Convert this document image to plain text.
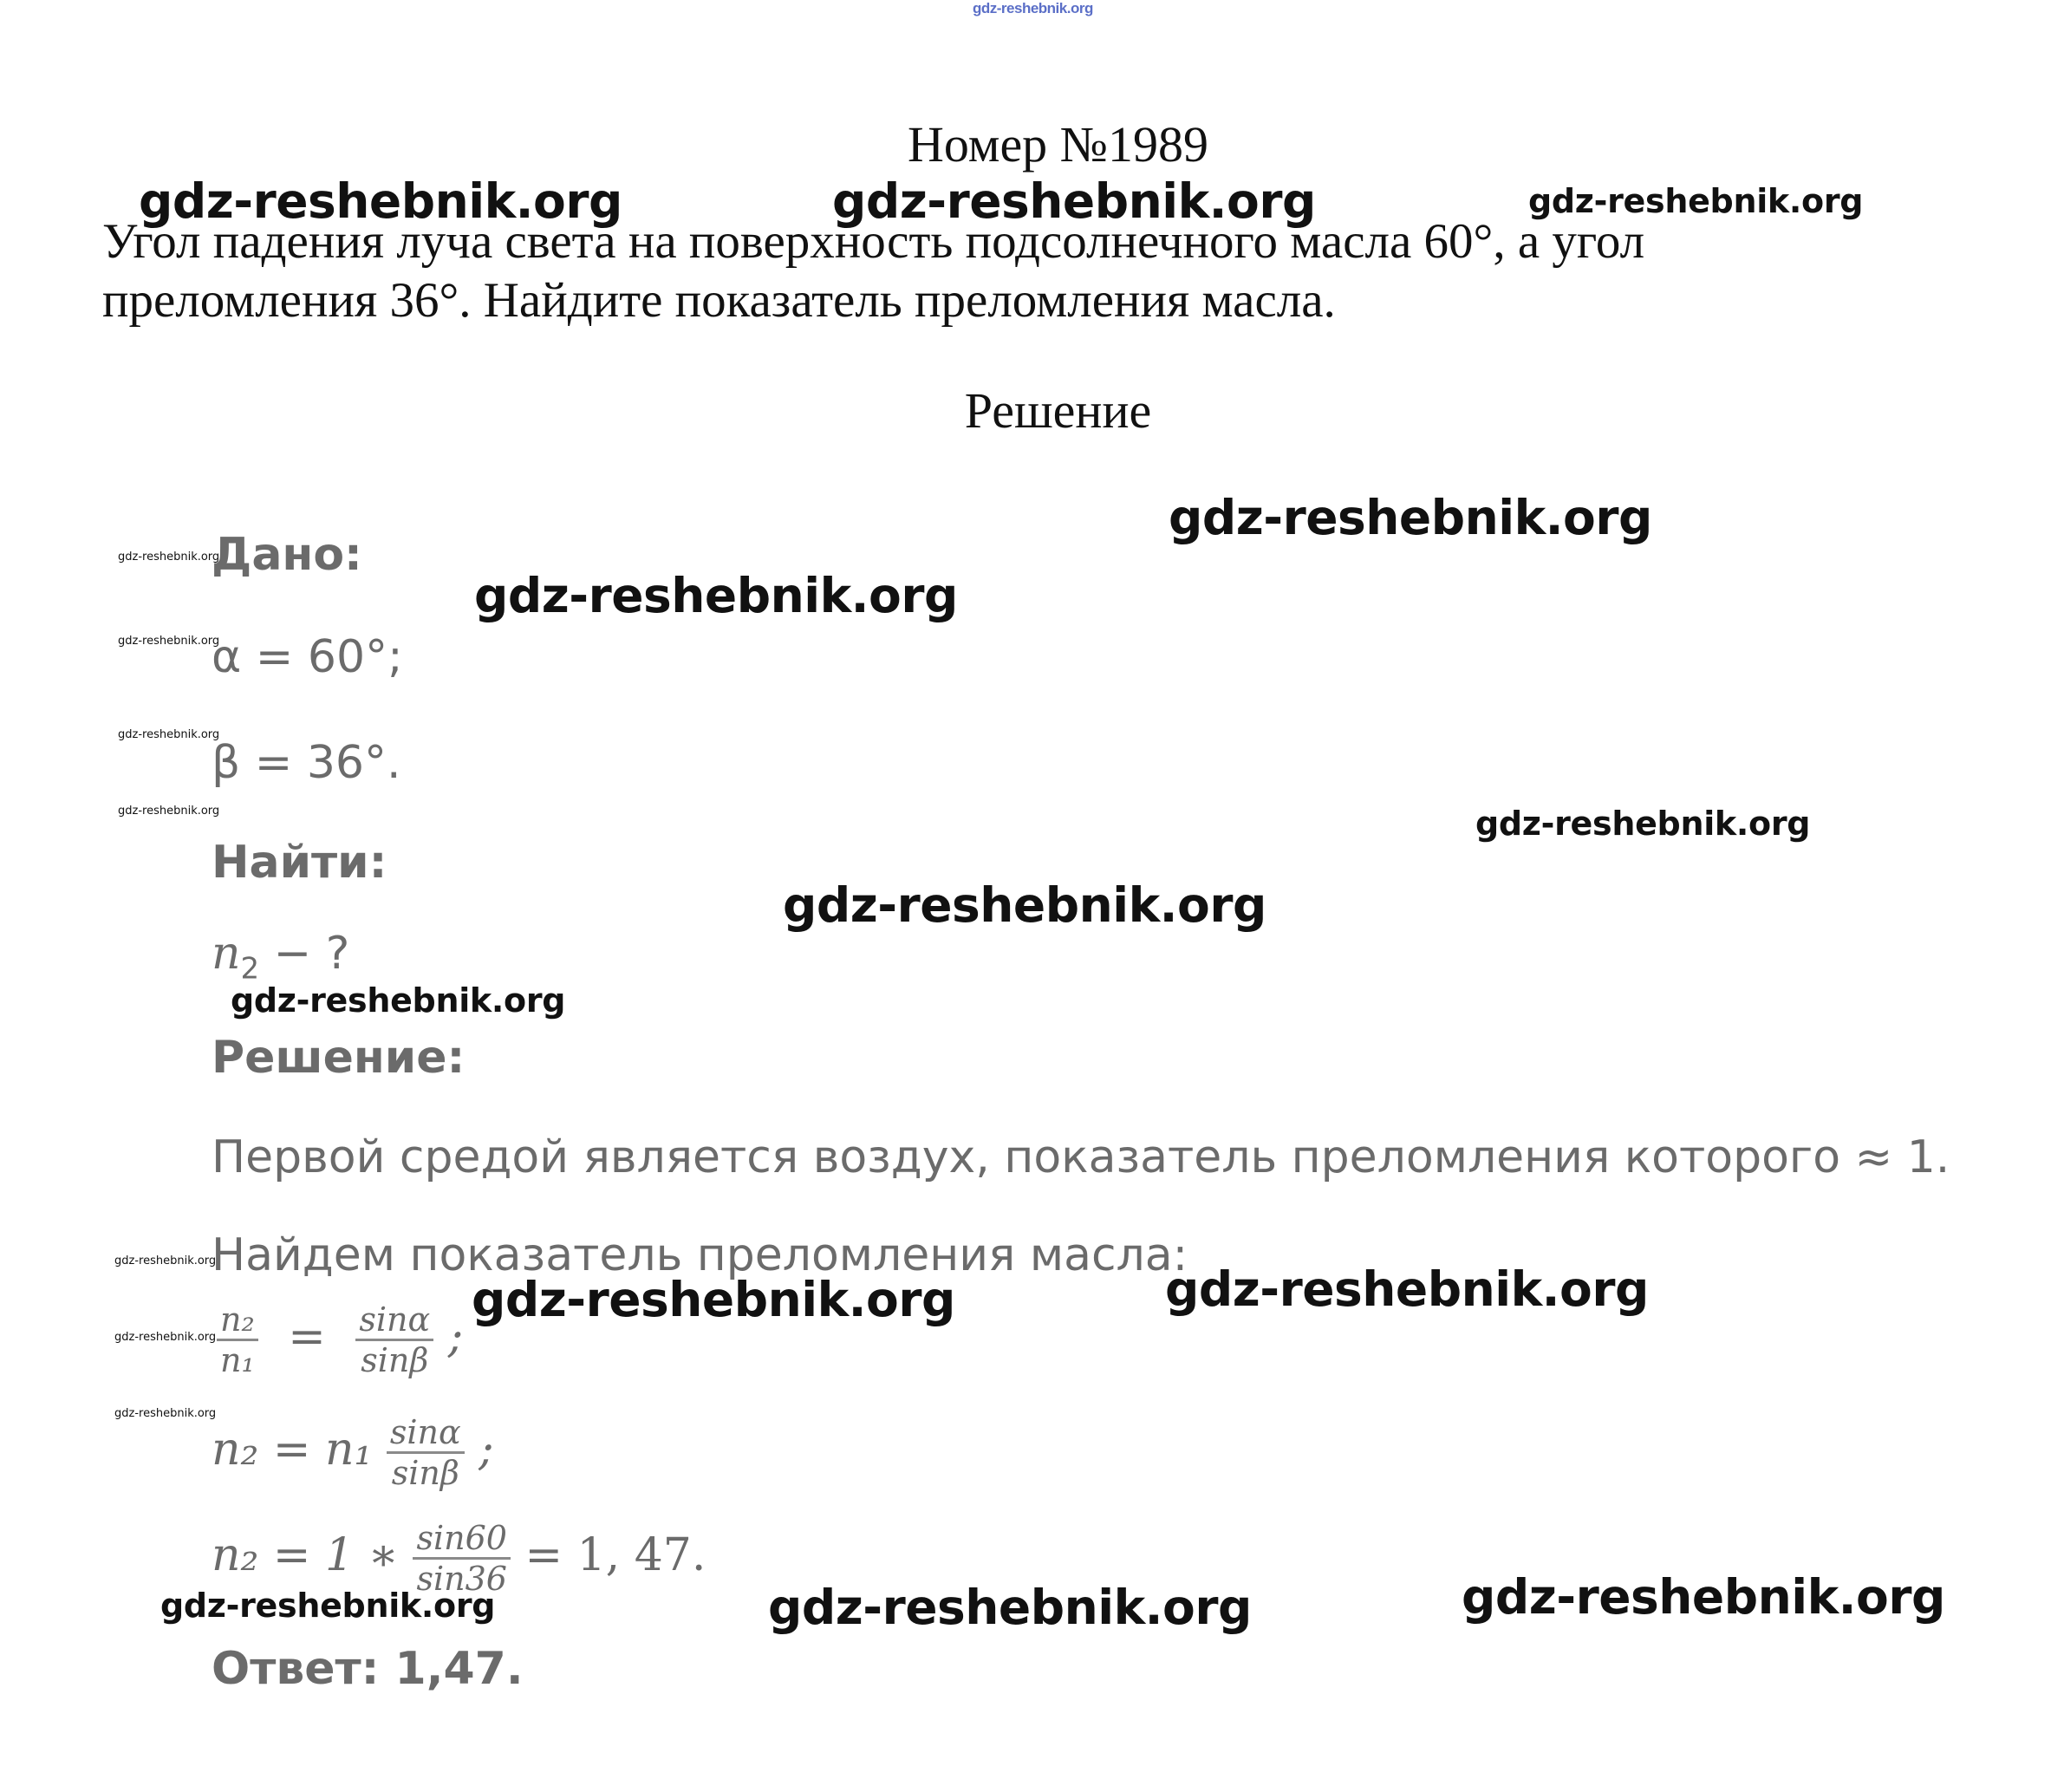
gdz-reshebnik.org
Номер №1989
Угол падения луча света на поверхность подсолнечного масла 60°, а угол
преломления 36°. Найдите показатель преломления масла.
Решение
Дано:
α = 60°;
β = 36°.
Найти:
$n_2$ − ?
Решение:
Первой средой является воздух, показатель преломления которого ≈ 1.
Найдем показатель преломления масла:
$\frac{\text{n₂}}{\text{n₁}} = \frac{\sin\alpha}{\sin\beta}$ ;
$n_2 = n_1 \frac{\sin\alpha}{\sin\beta}$ ;
n₂ = 1 ∗ $\frac{\sin 60}{\sin 36} = 1$, 47.
Ответ: 1,47.
gdz-reshebnik.org	gdz-reshebnik.org
gdz-reshebnik.org
gdz-reshebnik.org
gdz-reshebnik.org
gdz-reshebnik.org	gdz-reshebnik.org
gdz-reshebnik.org	gdz-reshebnik.org
gdz-reshebnik.org
gdz-reshebnik.org
gdz-reshebnik.org
gdz-reshebnik.org
gdz-reshebnik.org
gdz-reshebnik.org
gdz-reshebnik.org
gdz-reshebnik.org
gdz-reshebnik.org
gdz-reshebnik.org
gdz-reshebnik.org
